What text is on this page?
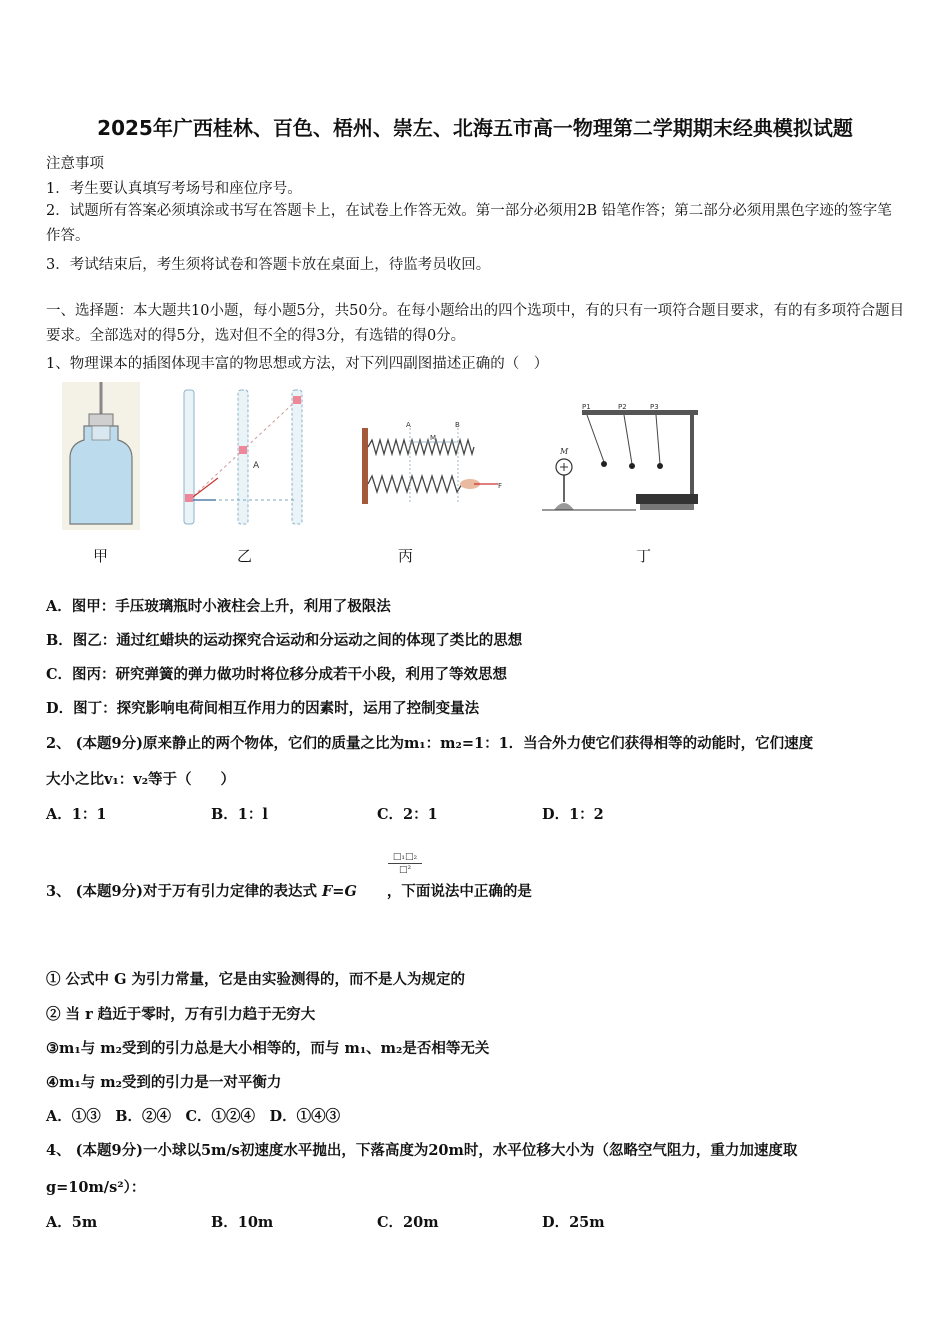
2025年广西桂林、百色、梧州、崇左、北海五市高一物理第二学期期末经典模拟试题
注意事项
1．考生要认真填写考场号和座位序号。
2．试题所有答案必须填涂或书写在答题卡上，在试卷上作答无效。第一部分必须用2B 铅笔作答；第二部分必须用黑色字迹的签字笔作答。
3．考试结束后，考生须将试卷和答题卡放在桌面上，待监考员收回。
一、选择题：本大题共10小题，每小题5分，共50分。在每小题给出的四个选项中，有的只有一项符合题目要求，有的有多项符合题目要求。全部选对的得5分，选对但不全的得3分，有选错的得0分。
1、物理课本的插图体现丰富的物思想或方法，对下列四副图描述正确的（　）
A
A
M
B
F
M
P1	P2	P3
甲	乙	丙	丁
A．图甲：手压玻璃瓶时小液柱会上升，利用了极限法
B．图乙：通过红蜡块的运动探究合运动和分运动之间的体现了类比的思想
C．图丙：研究弹簧的弹力做功时将位移分成若干小段，利用了等效思想
D．图丁：探究影响电荷间相互作用力的因素时，运用了控制变量法
2、 (本题9分)原来静止的两个物体，它们的质量之比为m₁：m₂=1：1．当合外力使它们获得相等的动能时，它们速度
大小之比v₁：v₂等于（　　）
A．1：1	B．1：l	C．2：1	D．1：2
3、 (本题9分)对于万有引力定律的表达式 F=G ，下面说法中正确的是
□₁□₂
□²
① 公式中 G 为引力常量，它是由实验测得的，而不是人为规定的
② 当 r 趋近于零时，万有引力趋于无穷大
③m₁与 m₂受到的引力总是大小相等的，而与 m₁、m₂是否相等无关
④m₁与 m₂受到的引力是一对平衡力
A．①③　B．②④　C．①②④　D．①④③
4、 (本题9分)一小球以5m/s初速度水平抛出，下落高度为20m时，水平位移大小为（忽略空气阻力，重力加速度取
g=10m/s²）：
A．5m	B．10m	C．20m	D．25m
